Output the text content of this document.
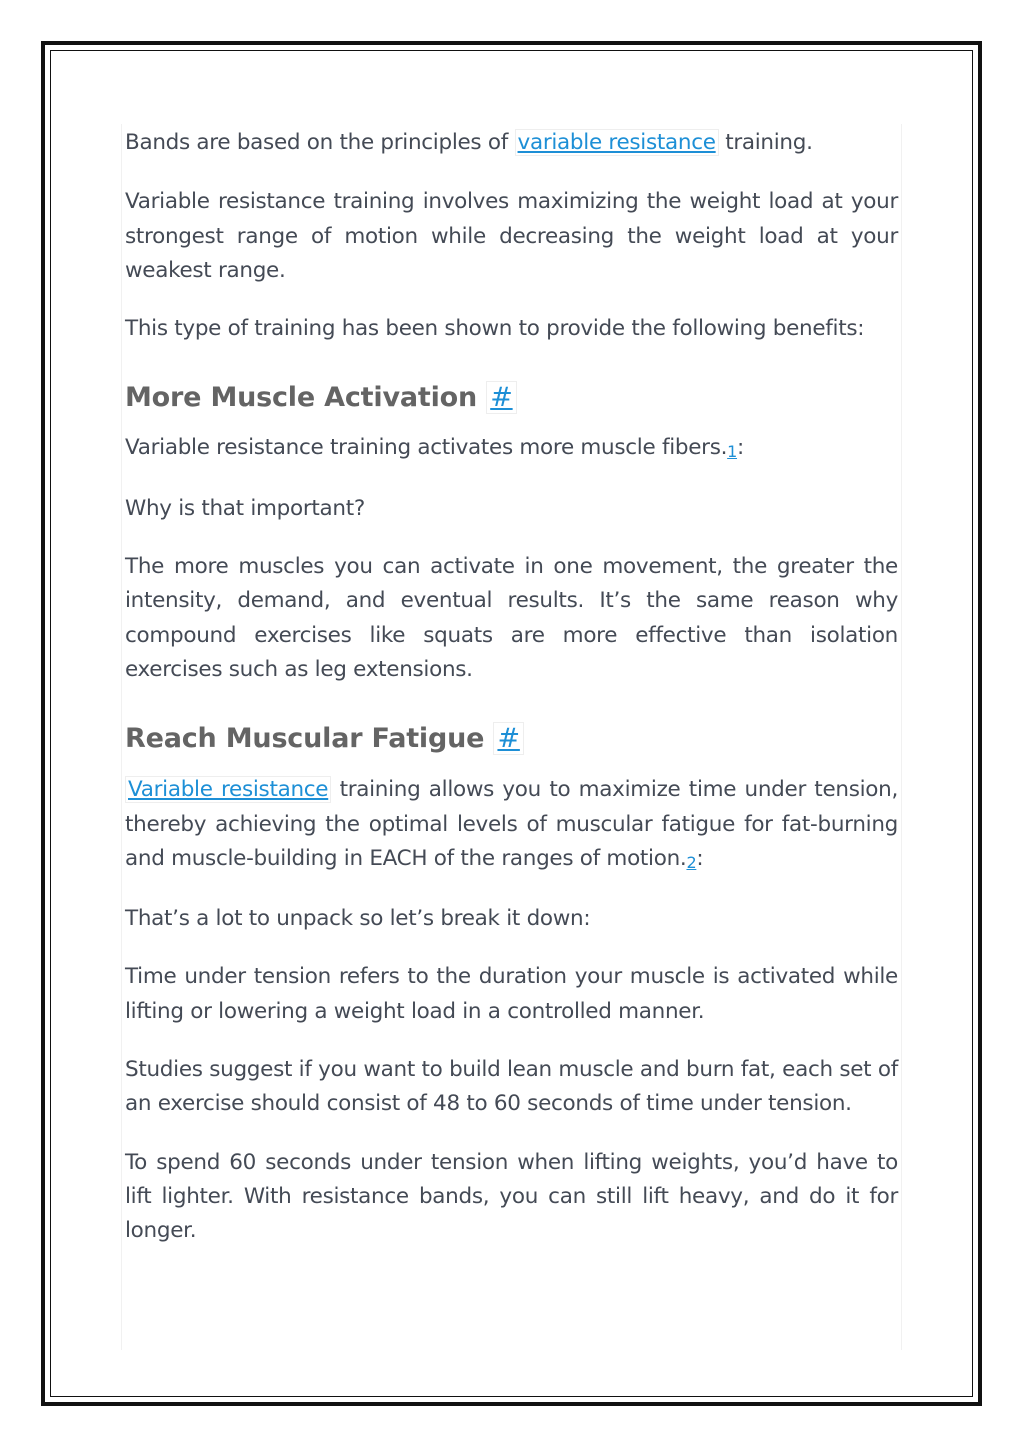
Bands are based on the principles of variable resistance training.

Variable resistance training involves maximizing the weight load at your strongest range of motion while decreasing the weight load at your weakest range.

This type of training has been shown to provide the following benefits:

More Muscle Activation #

Variable resistance training activates more muscle fibers.$^1$:

Why is that important?

The more muscles you can activate in one movement, the greater the intensity, demand, and eventual results. It’s the same reason why compound exercises like squats are more effective than isolation exercises such as leg extensions.

Reach Muscular Fatigue #

Variable resistance training allows you to maximize time under tension, thereby achieving the optimal levels of muscular fatigue for fat-burning and muscle-building in EACH of the ranges of motion.$^2$:

That’s a lot to unpack so let’s break it down:

Time under tension refers to the duration your muscle is activated while lifting or lowering a weight load in a controlled manner.

Studies suggest if you want to build lean muscle and burn fat, each set of an exercise should consist of 48 to 60 seconds of time under tension.

To spend 60 seconds under tension when lifting weights, you’d have to lift lighter. With resistance bands, you can still lift heavy, and do it for longer.
